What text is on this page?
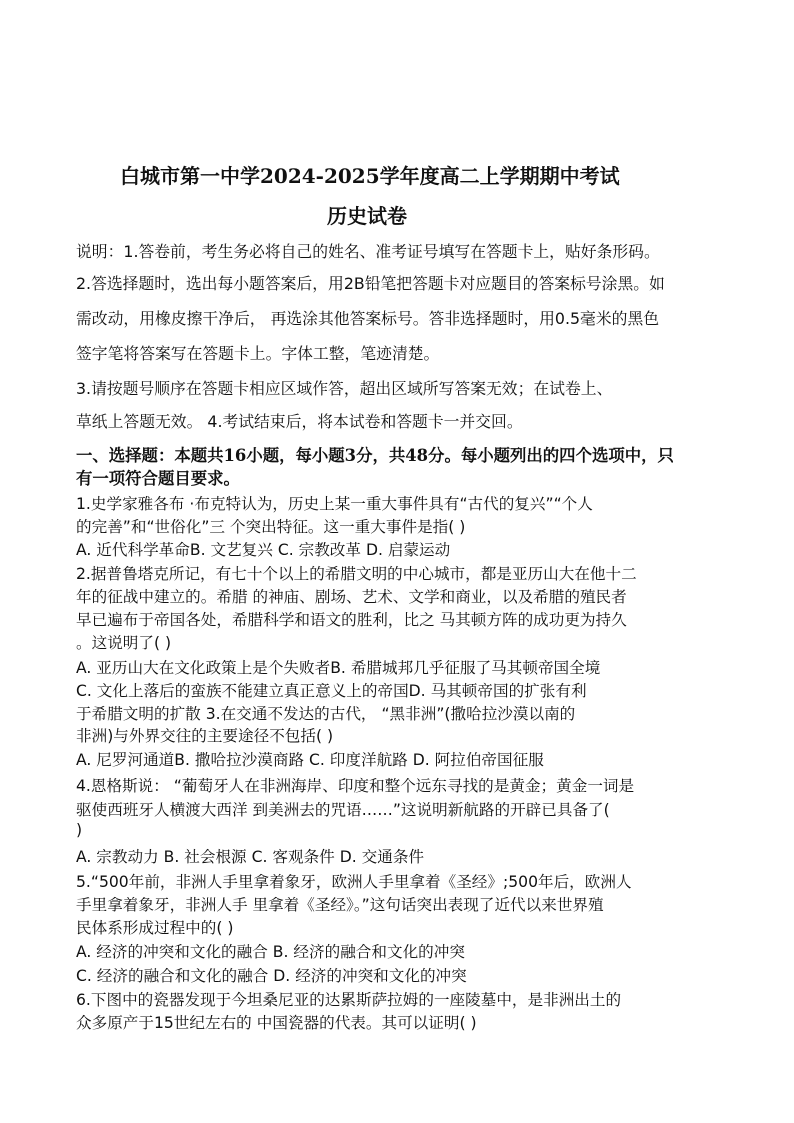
白城市第一中学2024-2025学年度高二上学期期中考试
历史试卷
说明：1.答卷前，考生务必将自己的姓名、准考证号填写在答题卡上，贴好条形码。
2.答选择题时，选出每小题答案后，用2B铅笔把答题卡对应题目的答案标号涂黑。如
需改动，用橡皮擦干净后， 再选涂其他答案标号。答非选择题时，用0.5毫米的黑色
签字笔将答案写在答题卡上。字体工整，笔迹清楚。
3.请按题号顺序在答题卡相应区域作答，超出区域所写答案无效；在试卷上、
草纸上答题无效。 4.考试结束后，将本试卷和答题卡一并交回。
一、选择题：本题共16小题，每小题3分，共48分。每小题列出的四个选项中，只
有一项符合题目要求。
1.史学家雅各布 ·布克特认为，历史上某一重大事件具有“古代的复兴”“个人
的完善”和“世俗化”三 个突出特征。这一重大事件是指( )
A. 近代科学革命B. 文艺复兴 C. 宗教改革 D. 启蒙运动
2.据普鲁塔克所记，有七十个以上的希腊文明的中心城市，都是亚历山大在他十二
年的征战中建立的。希腊 的神庙、剧场、艺术、文学和商业，以及希腊的殖民者
早已遍布于帝国各处，希腊科学和语文的胜利，比之 马其顿方阵的成功更为持久
。这说明了( )
A. 亚历山大在文化政策上是个失败者B. 希腊城邦几乎征服了马其顿帝国全境
C. 文化上落后的蛮族不能建立真正意义上的帝国D. 马其顿帝国的扩张有利
于希腊文明的扩散 3.在交通不发达的古代， “黑非洲”(撒哈拉沙漠以南的
非洲)与外界交往的主要途径不包括( )
A. 尼罗河通道B. 撒哈拉沙漠商路 C. 印度洋航路 D. 阿拉伯帝国征服
4.恩格斯说： “葡萄牙人在非洲海岸、印度和整个远东寻找的是黄金；黄金一词是
驱使西班牙人横渡大西洋 到美洲去的咒语……”这说明新航路的开辟已具备了(
)
A. 宗教动力 B. 社会根源 C. 客观条件 D. 交通条件
5.“500年前，非洲人手里拿着象牙，欧洲人手里拿着《圣经》;500年后，欧洲人
手里拿着象牙，非洲人手 里拿着《圣经》。”这句话突出表现了近代以来世界殖
民体系形成过程中的( )
A. 经济的冲突和文化的融合 B. 经济的融合和文化的冲突
C. 经济的融合和文化的融合 D. 经济的冲突和文化的冲突
6.下图中的瓷器发现于今坦桑尼亚的达累斯萨拉姆的一座陵墓中，是非洲出土的
众多原产于15世纪左右的 中国瓷器的代表。其可以证明( )
